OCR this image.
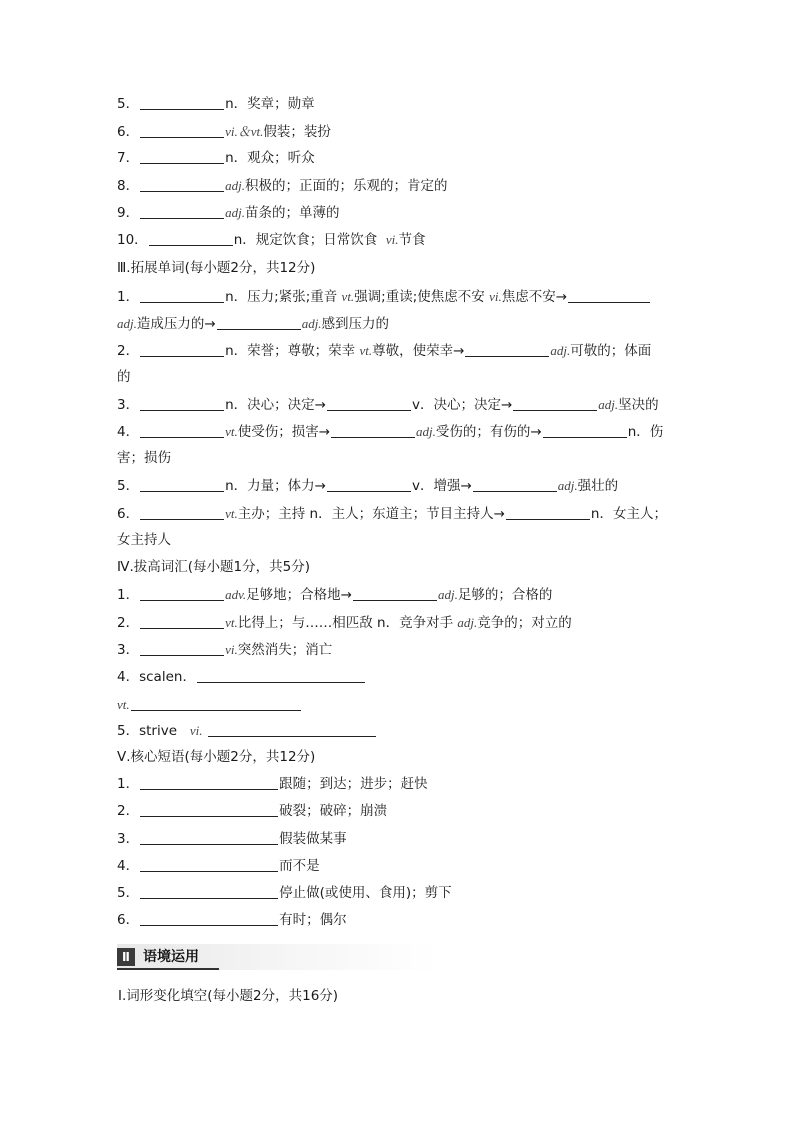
5．	n．奖章；勋章
6．	vi.＆vt.假装；装扮
7．	n．观众；听众
8．	adj.积极的；正面的；乐观的；肯定的
9．	adj.苗条的；单薄的
10．	n．规定饮食；日常饮食 vi.节食
Ⅲ.拓展单词(每小题2分，共12分)
1．	n．压力;紧张;重音 vt.强调;重读;使焦虑不安 vi.焦虑不安→
adj.造成压力的→	adj.感到压力的
2．	n．荣誉；尊敬；荣幸 vt.尊敬，使荣幸→	adj.可敬的；体面
的
3．	n．决心；决定→	v．决心；决定→	adj.坚决的
4．	vt.使受伤；损害→	adj.受伤的；有伤的→	n．伤
害；损伤
5．	n．力量；体力→	v．增强→	adj.强壮的
6．	vt.主办；主持 n．主人；东道主；节目主持人→	n．女主人；
女主持人
Ⅳ.拔高词汇(每小题1分，共5分)
1．	adv.足够地；合格地→	adj.足够的；合格的
2．	vt.比得上；与……相匹敌 n．竞争对手 adj.竞争的；对立的
3．	vi.突然消失；消亡
4．scalen．
vt.
5．strive vi.
Ⅴ.核心短语(每小题2分，共12分)
1．	跟随；到达；进步；赶快
2．	破裂；破碎；崩溃
3．	假装做某事
4．	而不是
5．	停止做(或使用、食用)；剪下
6．	有时；偶尔
Ⅱ 语境运用
Ⅰ.词形变化填空(每小题2分，共16分)
